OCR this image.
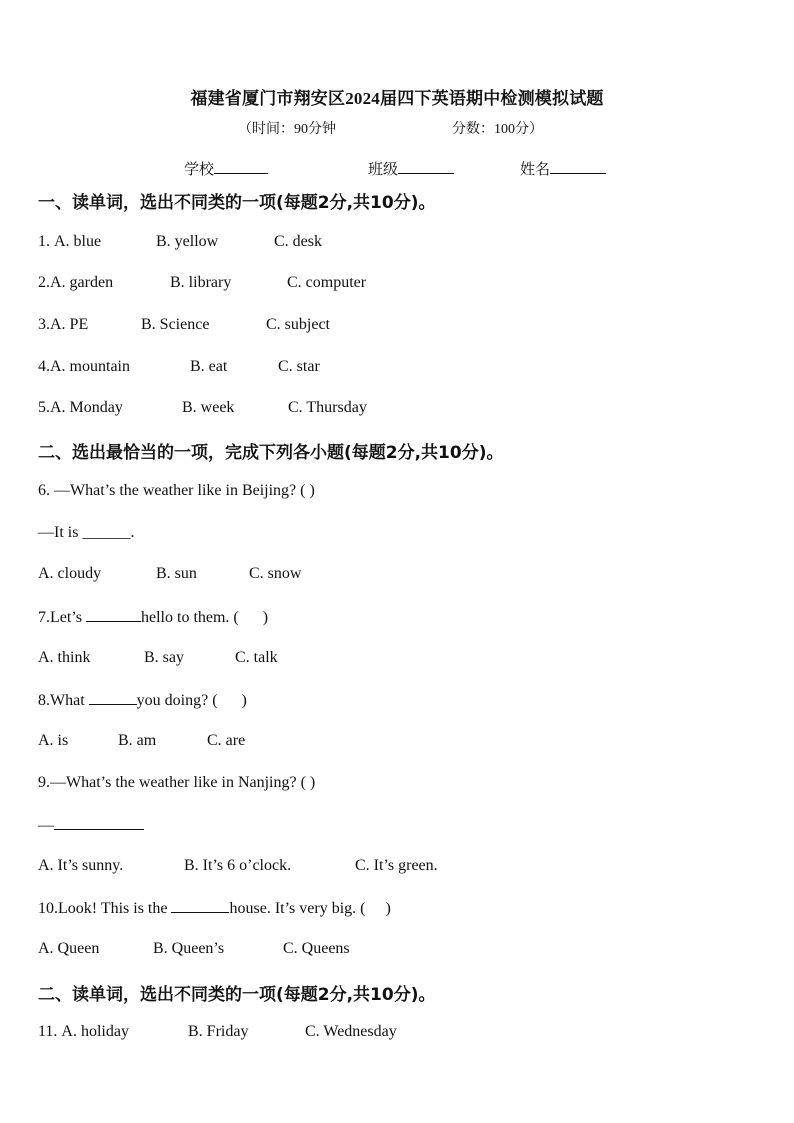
福建省厦门市翔安区2024届四下英语期中检测模拟试题
（时间：90分钟	分数：100分）
学校	班级	姓名
一、读单词，选出不同类的一项(每题2分,共10分)。
1. A. blue	B. yellow	C. desk
2.A. garden	B. library	C. computer
3.A. PE	B. Science	C. subject
4.A. mountain	B. eat	C. star
5.A. Monday	B. week	C. Thursday
二、选出最恰当的一项，完成下列各小题(每题2分,共10分)。
6. —What’s the weather like in Beijing? ( )
—It is ______.
A. cloudy	B. sun	C. snow
7.Let’s	hello to them. (      )
A. think	B. say	C. talk
8.What	you doing? (      )
A. is	B. am	C. are
9.—What’s the weather like in Nanjing? ( )
—
A. It’s sunny.	B. It’s 6 o’clock.	C. It’s green.
10.Look! This is the	house. It’s very big. (     )
A. Queen	B. Queen’s	C. Queens
二、读单词，选出不同类的一项(每题2分,共10分)。
11. A. holiday	B. Friday	C. Wednesday
